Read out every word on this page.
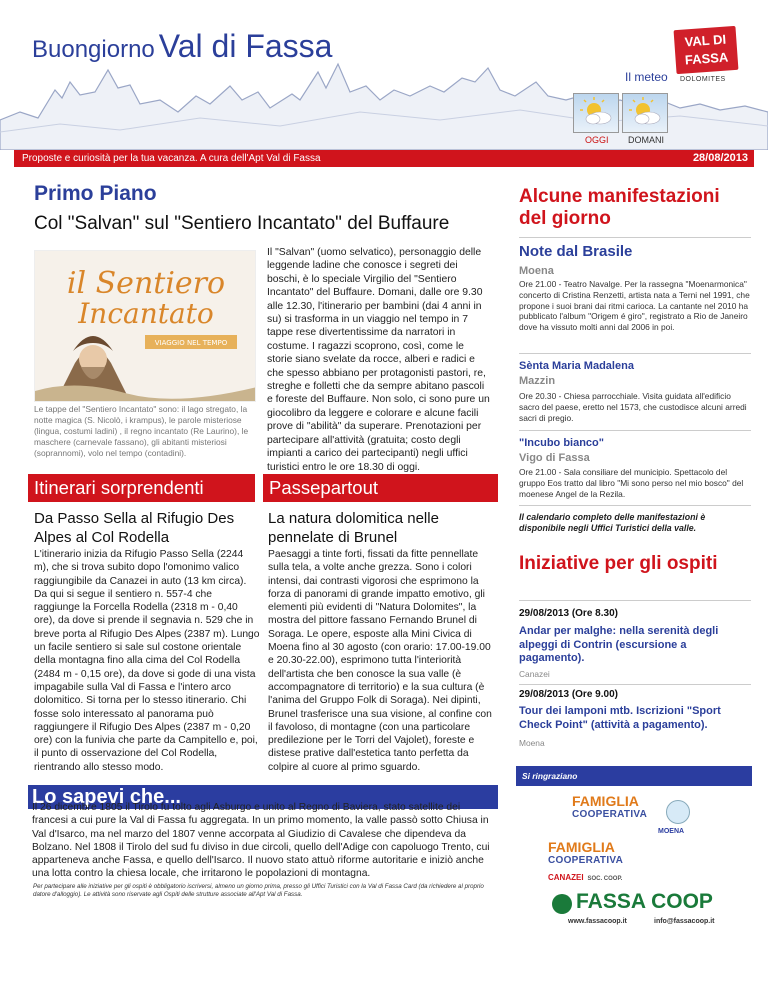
Buongiorno Val di Fassa	VAL DI
FASSA
DOLOMITES
Il meteo
OGGI DOMANI
Proposte e curiosità per la tua vacanza. A cura dell'Apt Val di Fassa	28/08/2013
Primo Piano
Col "Salvan" sul "Sentiero Incantato" del Buffaure
il Sentiero
Incantato
VIAGGIO NEL TEMPO
Le tappe del "Sentiero Incantato" sono: il lago stregato, la notte magica (S. Nicolò, i krampus), le parole misteriose (lingua, costumi ladini) , il regno incantato (Re Laurino), le maschere (carnevale fassano), gli abitanti misteriosi (soprannomi), volo nel tempo (contadini).
Il "Salvan" (uomo selvatico), personaggio delle leggende ladine che conosce i segreti dei boschi, è lo speciale Virgilio del "Sentiero Incantato" del Buffaure. Domani, dalle ore 9.30 alle 12.30, l'itinerario per bambini (dai 4 anni in su) si trasforma in un viaggio nel tempo in 7 tappe rese divertentissime da narratori in costume. I ragazzi scoprono, così, come le storie siano svelate da rocce, alberi e radici e che spesso abbiano per protagonisti pastori, re, streghe e folletti che da sempre abitano pascoli e foreste del Buffaure. Non solo, ci sono pure un giocolibro da leggere e colorare e alcune facili prove di "abilità" da superare. Prenotazioni per partecipare all'attività (gratuita; costo degli impianti a carico dei partecipanti) negli uffici turistici entro le ore 18.30 di oggi.
Itinerari sorprendenti
Da Passo Sella al Rifugio Des Alpes al Col Rodella
L'itinerario inizia da Rifugio Passo Sella (2244 m), che si trova subito dopo l'omonimo valico raggiungibile da Canazei in auto (13 km circa). Da qui si segue il sentiero n. 557-4 che raggiunge la Forcella Rodella (2318 m - 0,40 ore), da dove si prende il segnavia n. 529 che in breve porta al Rifugio Des Alpes (2387 m). Lungo un facile sentiero si sale sul costone orientale della montagna fino alla cima del Col Rodella (2484 m - 0,15 ore), da dove si gode di una vista impagabile sulla Val di Fassa e l'intero arco dolomitico. Si torna per lo stesso itinerario. Chi fosse solo interessato al panorama può raggiungere il Rifugio Des Alpes (2387 m - 0,20 ore) con la funivia che parte da Campitello e, poi, il punto di osservazione del Col Rodella, rientrando allo stesso modo.
Passepartout
La natura dolomitica nelle pennelate di Brunel
Paesaggi a tinte forti, fissati da fitte pennellate sulla tela, a volte anche grezza. Sono i colori intensi, dai contrasti vigorosi che esprimono la forza di panorami di grande impatto emotivo, gli elementi più evidenti di "Natura Dolomites", la mostra del pittore fassano Fernando Brunel di Soraga. Le opere, esposte alla Mini Civica di Moena fino al 30 agosto (con orario: 17.00-19.00 e 20.30-22.00), esprimono tutta l'interiorità dell'artista che ben conosce la sua valle (è accompagnatore di territorio) e la sua cultura (è l'anima del Gruppo Folk di Soraga). Nei dipinti, Brunel trasferisce una sua visione, al confine con il favoloso, di montagne (con una particolare predilezione per le Torri del Vajolet), foreste e distese prative dall'estetica tanto perfetta da colpire al cuore al primo sguardo.
Lo sapevi che...
Il 26 dicembre 1805 il Tirolo fu tolto agli Asburgo e unito al Regno di Baviera, stato satellite dei francesi a cui pure la Val di Fassa fu aggregata. In un primo momento, la valle passò sotto Chiusa in Val d'Isarco, ma nel marzo del 1807 venne accorpata al Giudizio di Cavalese che dipendeva da Bolzano. Nel 1808 il Tirolo del sud fu diviso in due circoli, quello dell'Adige con capoluogo Trento, cui apparteneva anche Fassa, e quello dell'Isarco. Il nuovo stato attuò riforme autoritarie e iniziò anche una lotta contro la chiesa locale, che irritarono le popolazioni di montagna.
Per partecipare alle iniziative per gli ospiti è obbligatorio iscriversi, almeno un giorno prima, presso gli Uffici Turistici con la Val di Fassa Card (da richiedere al proprio datore d'alloggio). Le attività sono riservate agli Ospiti delle strutture associate all'Apt Val di Fassa.
Alcune manifestazioni del giorno
Note dal Brasile
Moena
Ore 21.00 - Teatro Navalge. Per la rassegna "Moenarmonica" concerto di Cristina Renzetti, artista nata a Terni nel 1991, che propone i suoi brani dai ritmi carioca. La cantante nel 2010 ha pubblicato l'album "Origem é giro", registrato a Rio de Janeiro dove ha vissuto molti anni dal 2006 in poi.
Sènta Maria Madalena
Mazzin
Ore 20.30 - Chiesa parrocchiale. Visita guidata all'edificio sacro del paese, eretto nel 1573, che custodisce alcuni arredi sacri di pregio.
"Incubo bianco"
Vigo di Fassa
Ore 21.00 - Sala consiliare del municipio. Spettacolo del gruppo Eos tratto dal libro "Mi sono perso nel mio bosco" del moenese Angel de la Rezila.
Il calendario completo delle manifestazioni è disponibile negli Uffici Turistici della valle.
Iniziative per gli ospiti
29/08/2013 (Ore 8.30)
Andar per malghe: nella serenità degli alpeggi di Contrin (escursione a pagamento).
Canazei
29/08/2013 (Ore 9.00)
Tour dei lamponi mtb. Iscrizioni "Sport Check Point" (attività a pagamento).
Moena
Si ringraziano
FAMIGLIA
COOPERATIVA
MOENA
FAMIGLIA
COOPERATIVA
CANAZEI SOC. COOP.
FASSA COOP
www.fassacoop.it	info@fassacoop.it
